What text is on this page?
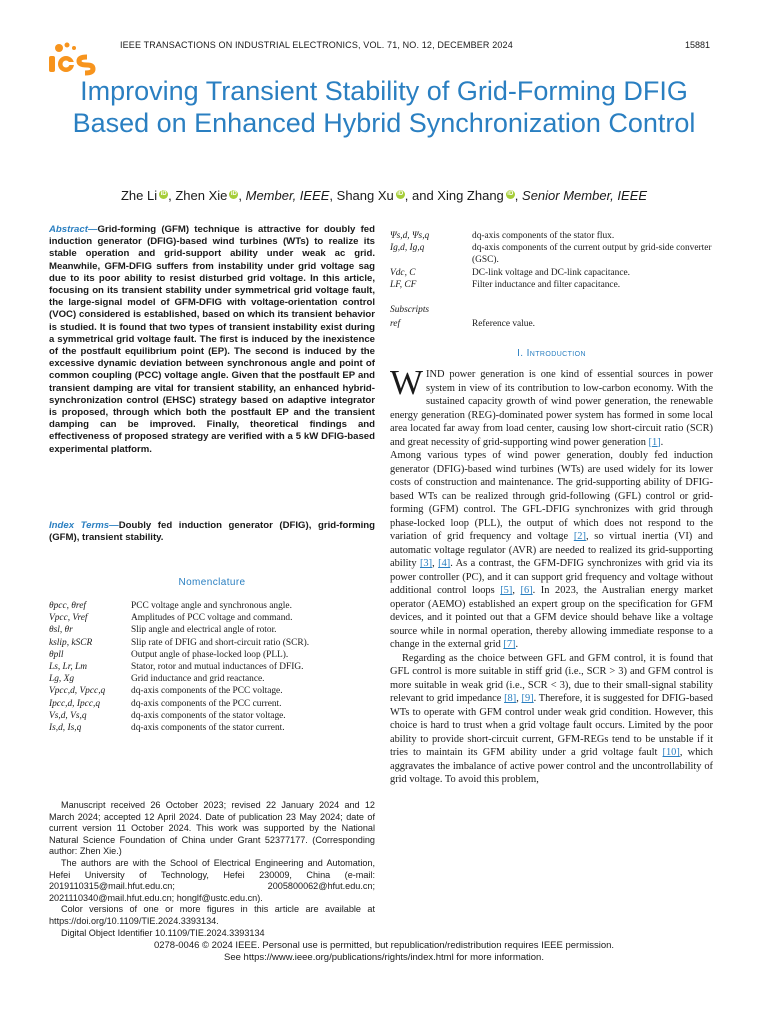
IEEE TRANSACTIONS ON INDUSTRIAL ELECTRONICS, VOL. 71, NO. 12, DECEMBER 2024	15881
Improving Transient Stability of Grid-Forming DFIG Based on Enhanced Hybrid Synchronization Control
Zhe Li iD , Zhen Xie iD , Member, IEEE, Shang Xu iD , and Xing Zhang iD , Senior Member, IEEE
Abstract—Grid-forming (GFM) technique is attractive for doubly fed induction generator (DFIG)-based wind turbines (WTs) to realize its stable operation and grid-support ability under weak ac grid. Meanwhile, GFM-DFIG suffers from instability under grid voltage sag due to its poor ability to resist disturbed grid voltage. In this article, focusing on its transient stability under symmetrical grid voltage fault, the large-signal model of GFM-DFIG with voltage-orientation control (VOC) considered is established, based on which its transient behavior is studied. It is found that two types of transient instability exist during a symmetrical grid voltage fault. The first is induced by the inexistence of the postfault equilibrium point (EP). The second is induced by the excessive dynamic deviation between synchronous angle and point of common coupling (PCC) voltage angle. Given that the postfault EP and transient damping are vital for transient stability, an enhanced hybrid-synchronization control (EHSC) strategy based on adaptive integrator is proposed, through which both the postfault EP and the transient damping can be improved. Finally, theoretical findings and effectiveness of proposed strategy are verified with a 5 kW DFIG-based experimental platform.
Index Terms—Doubly fed induction generator (DFIG), grid-forming (GFM), transient stability.
Nomenclature
θpcc, θref	PCC voltage angle and synchronous angle.
Vpcc, Vref	Amplitudes of PCC voltage and command.
θsl, θr	Slip angle and electrical angle of rotor.
kslip, kSCR	Slip rate of DFIG and short-circuit ratio (SCR).
θpll	Output angle of phase-locked loop (PLL).
Ls, Lr, Lm	Stator, rotor and mutual inductances of DFIG.
Lg, Xg	Grid inductance and grid reactance.
Vpcc,d, Vpcc,q	dq-axis components of the PCC voltage.
Ipcc,d, Ipcc,q	dq-axis components of the PCC current.
Vs,d, Vs,q	dq-axis components of the stator voltage.
Is,d, Is,q	dq-axis components of the stator current.

Manuscript received 26 October 2023; revised 22 January 2024 and 12 March 2024; accepted 12 April 2024. Date of publication 23 May 2024; date of current version 11 October 2024. This work was supported by the National Natural Science Foundation of China under Grant 52377177. (Corresponding author: Zhen Xie.)

The authors are with the School of Electrical Engineering and Automation, Hefei University of Technology, Hefei 230009, China (e-mail: 2019110315@mail.hfut.edu.cn; 2005800062@hfut.edu.cn; 2021110340@mail.hfut.edu.cn; honglf@ustc.edu.cn).

Color versions of one or more figures in this article are available at https://doi.org/10.1109/TIE.2024.3393134.

Digital Object Identifier 10.1109/TIE.2024.3393134

Ψs,d, Ψs,q	dq-axis components of the stator flux.
Ig,d, Ig,q	dq-axis components of the current output by grid-side converter (GSC).
Vdc, C	DC-link voltage and DC-link capacitance.
LF, CF	Filter inductance and filter capacitance.
Subscripts
ref	Reference value.
I. Introduction

WIND power generation is one kind of essential sources in power system in view of its contribution to low-carbon economy. With the sustained capacity growth of wind power generation, the renewable energy generation (REG)-dominated power system has formed in some local area located far away from load center, causing low short-circuit ratio (SCR) and great necessity of grid-supporting wind power generation [1].

Among various types of wind power generation, doubly fed induction generator (DFIG)-based wind turbines (WTs) are used widely for its lower costs of construction and maintenance. The grid-supporting ability of DFIG-based WTs can be realized through grid-following (GFL) control or grid-forming (GFM) control. The GFL-DFIG synchronizes with grid through phase-locked loop (PLL), the output of which does not respond to the variation of grid frequency and voltage [2], so virtual inertia (VI) and automatic voltage regulator (AVR) are needed to realized its grid-supporting ability [3], [4]. As a contrast, the GFM-DFIG synchronizes with grid via its power controller (PC), and it can support grid frequency and voltage without additional control loops [5], [6]. In 2023, the Australian energy market operator (AEMO) established an expert group on the specification for GFM devices, and it pointed out that a GFM device should behave like a voltage source while in normal operation, thereby allowing immediate response to a change in the external grid [7].

Regarding as the choice between GFL and GFM control, it is found that GFL control is more suitable in stiff grid (i.e., SCR > 3) and GFM control is more suitable in weak grid (i.e., SCR < 3), due to their small-signal stability relevant to grid impedance [8], [9]. Therefore, it is suggested for DFIG-based WTs to operate with GFM control under weak grid condition. However, this choice is hard to trust when a grid voltage fault occurs. Limited by the poor ability to provide short-circuit current, GFM-REGs tend to be unstable if it tries to maintain its GFM ability under a grid voltage fault [10], which aggravates the imbalance of active power control and the uncontrollability of grid voltage. To avoid this problem,

0278-0046 © 2024 IEEE. Personal use is permitted, but republication/redistribution requires IEEE permission.
See https://www.ieee.org/publications/rights/index.html for more information.
